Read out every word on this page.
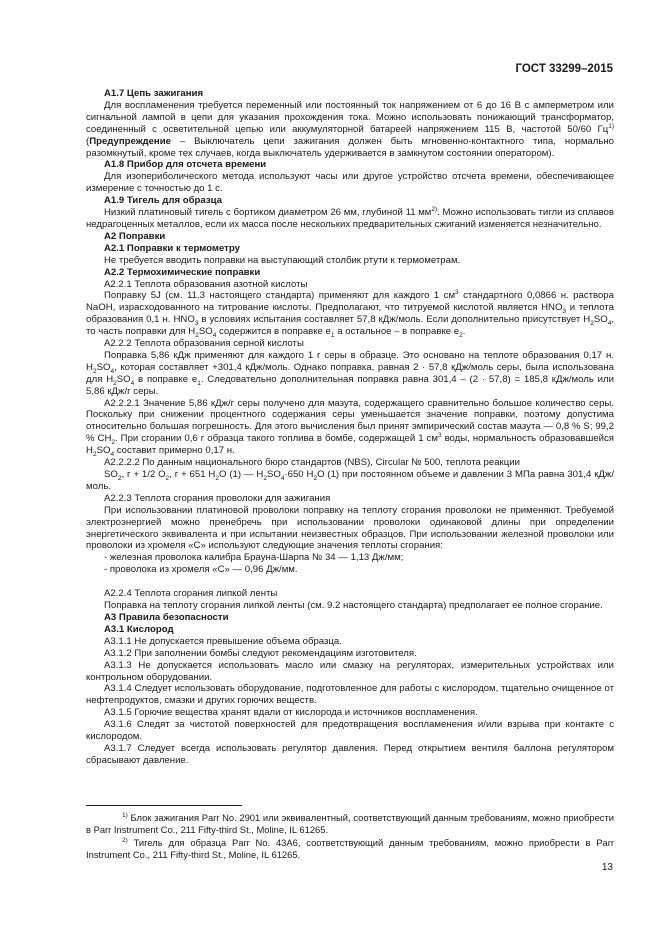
ГОСТ 33299–2015

А1.7 Цепь зажигания

Для воспламенения требуется переменный или постоянный ток напряжением от 6 до 16 В с амперметром или сигнальной лампой в цепи для указания прохождения тока. Можно использовать понижающий трансформатор, соединенный с осветительной цепью или аккумуляторной батареей напряжением 115 В, частотой 50/60 $Гц^{1)}$ (Предупреждение – Выключатель цепи зажигания должен быть мгновенно-контактного типа, нормально разомкнутый, кроме тех случаев, когда выключатель удерживается в замкнутом состоянии оператором).

А1.8 Прибор для отсчета времени

Для изопериболического метода используют часы или другое устройство отсчета времени, обеспечивающее измерение с точностью до 1 с.

А1.9 Тигель для образца

Низкий платиновый тигель с бортиком диаметром 26 мм, глубиной 11 $мм^{2)}$. Можно использовать тигли из сплавов недрагоценных металлов, если их масса после нескольких предварительных сжиганий изменяется незначительно.

А2 Поправки

А2.1 Поправки к термометру

Не требуется вводить поправки на выступающий столбик ртути к термометрам.

А2.2 Термохимические поправки

А2.2.1 Теплота образования азотной кислоты

Поправку 5J (см. 11.3 настоящего стандарта) применяют для каждого 1 $см^3$ стандартного 0,0866 н. раствора NaOH, израсходованного на титрование кислоты. Предполагают, что титруемой кислотой является $HNO_3$ и теплота образования 0,1 н. $HNO_3$ в условиях испытания составляет 57,8 кДж/моль. Если дополнительно присутствует $H_2SO_4$, то часть поправки для $H_2SO_4$ содержится в поправке $e_1$ а остальное – в поправке $e_2$.

А2.2.2 Теплота образования серной кислоты

Поправка 5,86 кДж применяют для каждого 1 г серы в образце. Это основано на теплоте образования 0,17 н. $H_2SO_4$, которая составляет +301,4 кДж/моль. Однако поправка, равная 2 · 57,8 кДж/моль серы, была использована для $H_2SO_4$ в поправке $e_1$. Следовательно дополнительная поправка равна 301,4 – (2 · 57,8) = 185,8 кДж/моль или 5,86 кДж/г серы.

А2.2.2.1 Значение 5,86 кДж/г серы получено для мазута, содержащего сравнительно большое количество серы. Поскольку при снижении процентного содержания серы уменьшается значение поправки, поэтому допустима относительно большая погрешность. Для этого вычисления был принят эмпирический состав мазута — 0,8 % S; 99,2 % $CH_2$. При сгорании 0,6 г образца такого топлива в бомбе, содержащей 1 $см^3$ воды, нормальность образовавшейся $H_2SO_4$ составит примерно 0,17 н.

А2.2.2.2 По данным национального бюро стандартов (NBS), Circular № 500, теплота реакции

$SO_2$, г + 1/2 $O_2$, г + 651 $H_2O$ (1) — $H_2SO_4\cdot 650$ $H_2O$ (1) при постоянном объеме и давлении 3 МПа равна 301,4 кДж/моль.

А2.2.3 Теплота сгорания проволоки для зажигания

При использовании платиновой проволоки поправку на теплоту сгорания проволоки не применяют. Требуемой электроэнергией можно пренебречь при использовании проволоки одинаковой длины при определении энергетического эквивалента и при испытании неизвестных образцов. При использовании железной проволоки или проволоки из хромеля «С» используют следующие значения теплоты сгорания:

- железная проволока калибра Брауна-Шарпа № 34 — 1,13 Дж/мм;

- проволока из хромеля «С» — 0,96 Дж/мм.

А2.2.4 Теплота сгорания липкой ленты

Поправка на теплоту сгорания липкой ленты (см. 9.2 настоящего стандарта) предполагает ее полное сгорание.

А3 Правила безопасности

А3.1 Кислород

А3.1.1 Не допускается превышение объема образца.

А3.1.2 При заполнении бомбы следуют рекомендациям изготовителя.

А3.1.3 Не допускается использовать масло или смазку на регуляторах, измерительных устройствах или контрольном оборудовании.

А3.1.4 Следует использовать оборудование, подготовленное для работы с кислородом, тщательно очищенное от нефтепродуктов, смазки и других горючих веществ.

А3.1.5 Горючие вещества хранят вдали от кислорода и источников воспламенения.

А3.1.6 Следят за чистотой поверхностей для предотвращения воспламенения и/или взрыва при контакте с кислородом.

А3.1.7 Следует всегда использовать регулятор давления. Перед открытием вентиля баллона регулятором сбрасывают давление.

$^{1)}$ Блок зажигания Parr No. 2901 или эквивалентный, соответствующий данным требованиям, можно приобрести в Parr Instrument Co., 211 Fifty-third St., Moline, IL 61265.

$^{2)}$ Тигель для образца Parr No. 43A6, соответствующий данным требованиям, можно приобрести в Parr Instrument Co., 211 Fifty-third St., Moline, IL 61265.

13
